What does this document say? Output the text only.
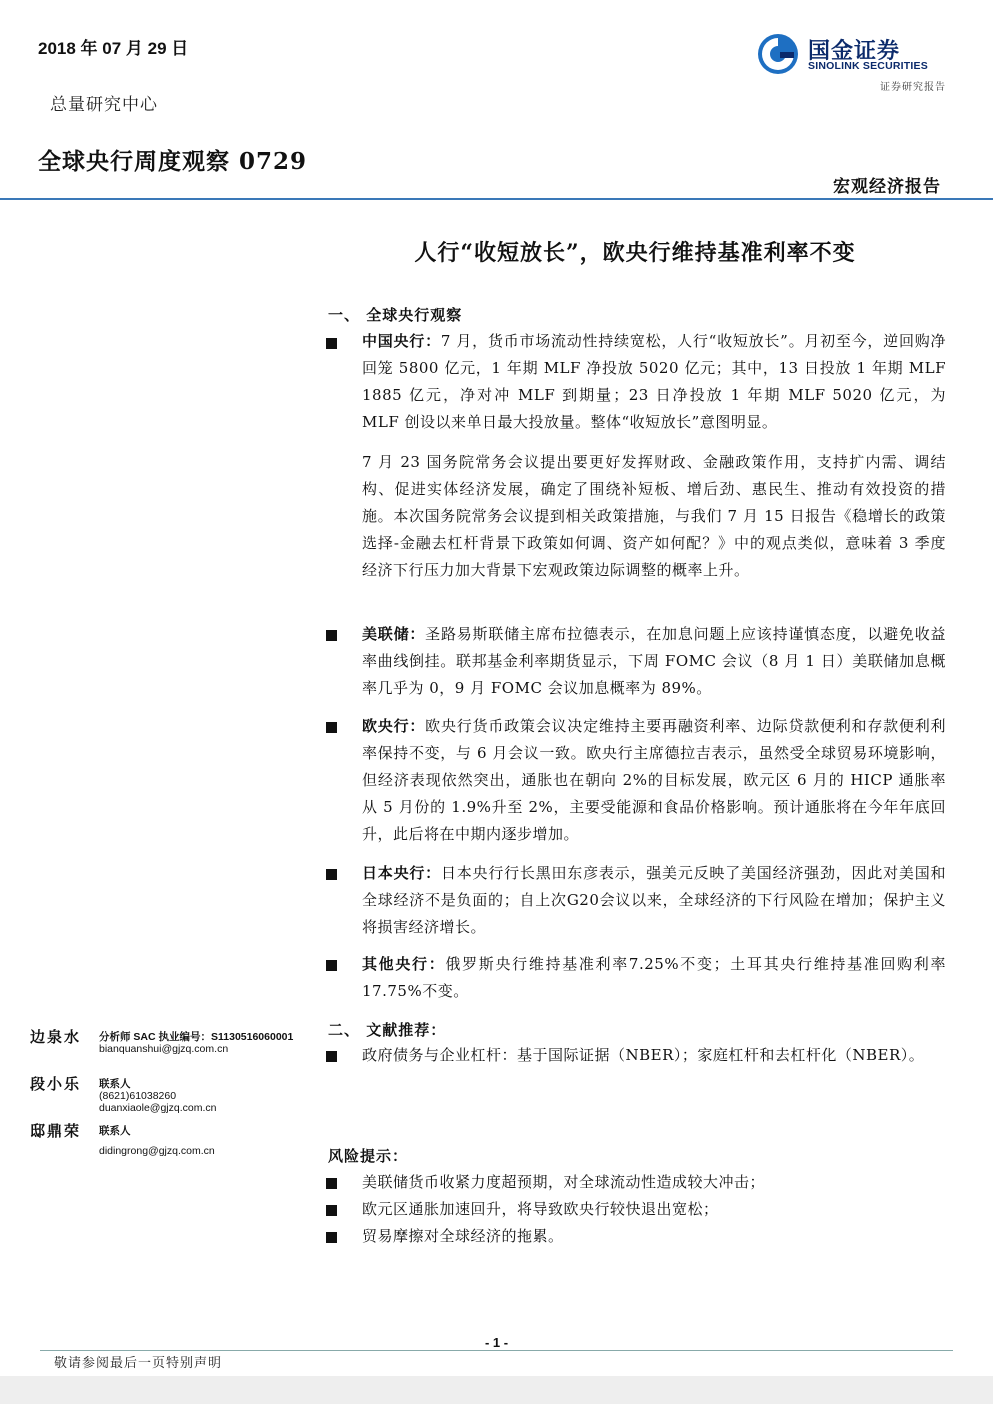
2018 年 07 月 29 日
总量研究中心
全球央行周度观察 0729
国金证券
SINOLINK SECURITIES
证券研究报告
宏观经济报告
人行“收短放长”，欧央行维持基准利率不变
一、 全球央行观察
中国央行：7 月，货币市场流动性持续宽松，人行“收短放长”。月初至今，逆回购净回笼 5800 亿元，1 年期 MLF 净投放 5020 亿元；其中，13 日投放 1 年期 MLF 1885 亿元，净对冲 MLF 到期量；23 日净投放 1 年期 MLF 5020 亿元，为 MLF 创设以来单日最大投放量。整体“收短放长”意图明显。
7 月 23 国务院常务会议提出要更好发挥财政、金融政策作用，支持扩内需、调结构、促进实体经济发展，确定了围绕补短板、增后劲、惠民生、推动有效投资的措施。本次国务院常务会议提到相关政策措施，与我们 7 月 15 日报告《稳增长的政策选择-金融去杠杆背景下政策如何调、资产如何配？》中的观点类似，意味着 3 季度经济下行压力加大背景下宏观政策边际调整的概率上升。
美联储：圣路易斯联储主席布拉德表示，在加息问题上应该持谨慎态度，以避免收益率曲线倒挂。联邦基金利率期货显示，下周 FOMC 会议（8 月 1 日）美联储加息概率几乎为 0，9 月 FOMC 会议加息概率为 89%。
欧央行：欧央行货币政策会议决定维持主要再融资利率、边际贷款便利和存款便利利率保持不变，与 6 月会议一致。欧央行主席德拉吉表示，虽然受全球贸易环境影响，但经济表现依然突出，通胀也在朝向 2%的目标发展，欧元区 6 月的 HICP 通胀率从 5 月份的 1.9%升至 2%，主要受能源和食品价格影响。预计通胀将在今年年底回升，此后将在中期内逐步增加。
日本央行：日本央行行长黑田东彦表示，强美元反映了美国经济强劲，因此对美国和全球经济不是负面的；自上次G20会议以来，全球经济的下行风险在增加；保护主义将损害经济增长。
其他央行：俄罗斯央行维持基准利率7.25%不变；土耳其央行维持基准回购利率17.75%不变。
二、 文献推荐：
政府债务与企业杠杆：基于国际证据（NBER）；家庭杠杆和去杠杆化（NBER）。
风险提示：
美联储货币收紧力度超预期，对全球流动性造成较大冲击；
欧元区通胀加速回升，将导致欧央行较快退出宽松；
贸易摩擦对全球经济的拖累。
边泉水 分析师 SAC 执业编号：S1130516060001
bianquanshui@gjzq.com.cn
段小乐 联系人
(8621)61038260
duanxiaole@gjzq.com.cn
邸鼎荣 联系人
didingrong@gjzq.com.cn
- 1 -
敬请参阅最后一页特别声明
